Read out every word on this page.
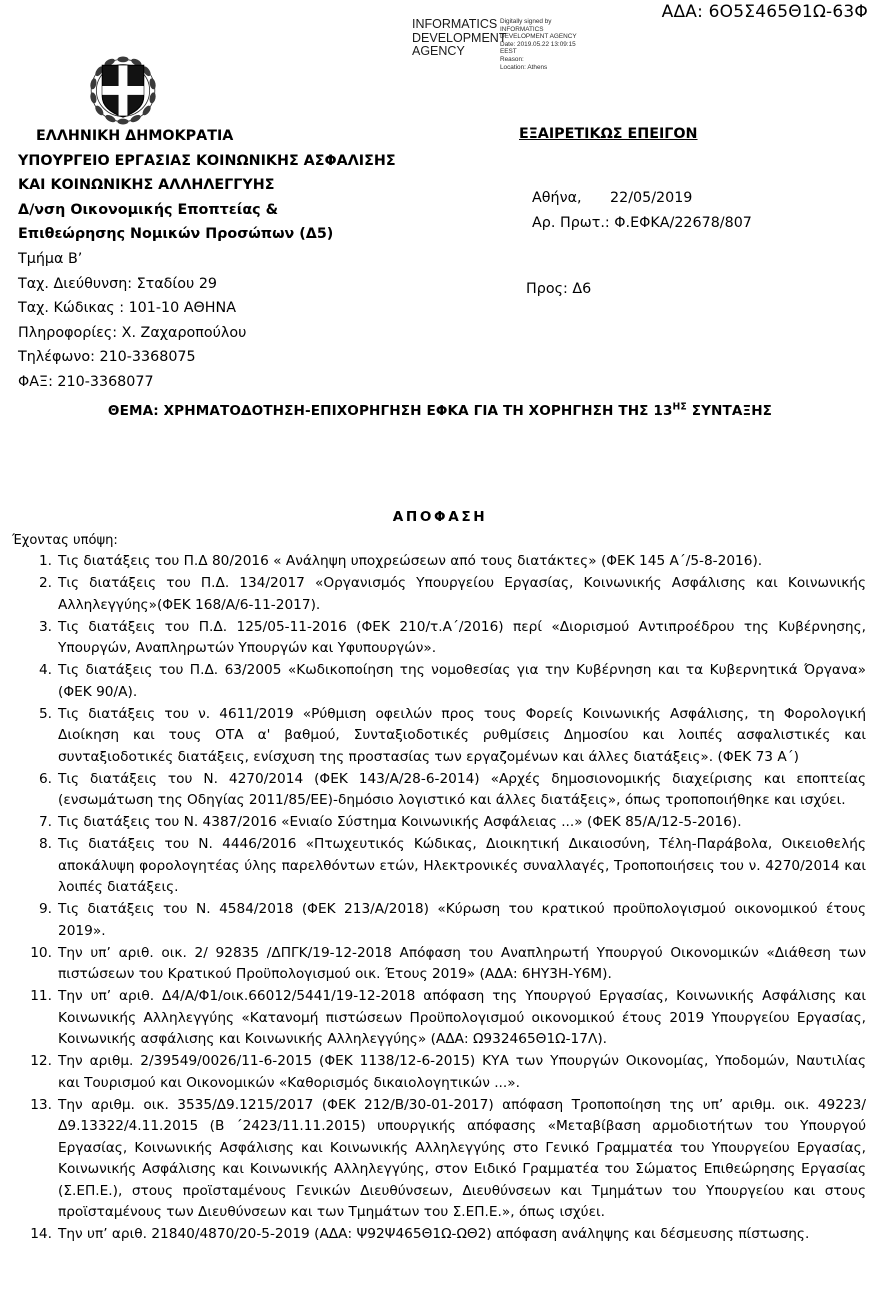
ΑΔΑ: 6Ο5Σ465Θ1Ω-63Φ
INFORMATICS DEVELOPMENT AGENCY
Digitally signed by
INFORMATICS
DEVELOPMENT AGENCY
Date: 2019.05.22 13:09:15
EEST
Reason:
Location: Athens
ΕΛΛΗΝΙΚΗ ΔΗΜΟΚΡΑΤΙΑ
ΥΠΟΥΡΓΕΙΟ ΕΡΓΑΣΙΑΣ ΚΟΙΝΩΝΙΚΗΣ ΑΣΦΑΛΙΣΗΣ
ΚΑΙ ΚΟΙΝΩΝΙΚΗΣ ΑΛΛΗΛΕΓΓΥΗΣ
Δ/νση Οικονομικής Εποπτείας &
Επιθεώρησης Νομικών Προσώπων (Δ5)
Τμήμα Β’
Ταχ. Διεύθυνση: Σταδίου 29
Ταχ. Κώδικας : 101-10 ΑΘΗΝΑ
Πληροφορίες: Χ. Ζαχαροπούλου
Τηλέφωνο: 210-3368075
ΦΑΞ: 210-3368077
ΕΞΑΙΡΕΤΙΚΩΣ ΕΠΕΙΓΟΝ
Αθήνα, 22/05/2019
Αρ. Πρωτ.: Φ.ΕΦΚΑ/22678/807
Προς: Δ6
ΘΕΜΑ: ΧΡΗΜΑΤΟΔΟΤΗΣΗ-ΕΠΙΧΟΡΗΓΗΣΗ ΕΦΚΑ ΓΙΑ ΤΗ ΧΟΡΗΓΗΣΗ ΤΗΣ $13^{H\Sigma}$ ΣΥΝΤΑΞΗΣ
ΑΠΟΦΑΣΗ
Έχοντας υπόψη:
1. Τις διατάξεις του Π.Δ 80/2016 « Ανάληψη υποχρεώσεων από τους διατάκτες» (ΦΕΚ 145 Α΄/5-8-2016).
2. Τις διατάξεις του Π.Δ. 134/2017 «Οργανισμός Υπουργείου Εργασίας, Κοινωνικής Ασφάλισης και Κοινωνικής Αλληλεγγύης»(ΦΕΚ 168/Α/6-11-2017).
3. Τις διατάξεις του Π.Δ. 125/05-11-2016 (ΦΕΚ 210/τ.Α΄/2016) περί «Διορισμού Αντιπροέδρου της Κυβέρνησης, Υπουργών, Αναπληρωτών Υπουργών και Υφυπουργών».
4. Τις διατάξεις του Π.Δ. 63/2005 «Κωδικοποίηση της νομοθεσίας για την Κυβέρνηση και τα Κυβερνητικά Όργανα» (ΦΕΚ 90/Α).
5. Τις διατάξεις του ν. 4611/2019 «Ρύθμιση οφειλών προς τους Φορείς Κοινωνικής Ασφάλισης, τη Φορολογική Διοίκηση και τους ΟΤΑ α' βαθμού, Συνταξιοδοτικές ρυθμίσεις Δημοσίου και λοιπές ασφαλιστικές και συνταξιοδοτικές διατάξεις, ενίσχυση της προστασίας των εργαζομένων και άλλες διατάξεις». (ΦΕΚ 73 Α΄)
6. Τις διατάξεις του Ν. 4270/2014 (ΦΕΚ 143/Α/28-6-2014) «Αρχές δημοσιονομικής διαχείρισης και εποπτείας (ενσωμάτωση της Οδηγίας 2011/85/ΕΕ)-δημόσιο λογιστικό και άλλες διατάξεις», όπως τροποποιήθηκε και ισχύει.
7. Τις διατάξεις του Ν. 4387/2016 «Ενιαίο Σύστημα Κοινωνικής Ασφάλειας ...» (ΦΕΚ 85/Α/12-5-2016).
8. Τις διατάξεις του Ν. 4446/2016 «Πτωχευτικός Κώδικας, Διοικητική Δικαιοσύνη, Τέλη-Παράβολα, Οικειοθελής αποκάλυψη φορολογητέας ύλης παρελθόντων ετών, Ηλεκτρονικές συναλλαγές, Τροποποιήσεις του ν. 4270/2014 και λοιπές διατάξεις.
9. Τις διατάξεις του Ν. 4584/2018 (ΦΕΚ 213/Α/2018) «Κύρωση του κρατικού προϋπολογισμού οικονομικού έτους 2019».
10. Την υπ’ αριθ. οικ. 2/ 92835 /ΔΠΓΚ/19-12-2018 Απόφαση του Αναπληρωτή Υπουργού Οικονομικών «Διάθεση των πιστώσεων του Κρατικού Προϋπολογισμού οικ. Έτους 2019» (ΑΔΑ: 6ΗΥ3Η-Υ6Μ).
11. Την υπ’ αριθ. Δ4/Α/Φ1/οικ.66012/5441/19-12-2018 απόφαση της Υπουργού Εργασίας, Κοινωνικής Ασφάλισης και Κοινωνικής Αλληλεγγύης «Κατανομή πιστώσεων Προϋπολογισμού οικονομικού έτους 2019 Υπουργείου Εργασίας, Κοινωνικής ασφάλισης και Κοινωνικής Αλληλεγγύης» (ΑΔΑ: Ω932465Θ1Ω-17Λ).
12. Την αριθμ. 2/39549/0026/11-6-2015 (ΦΕΚ 1138/12-6-2015) ΚΥΑ των Υπουργών Οικονομίας, Υποδομών, Ναυτιλίας και Τουρισμού και Οικονομικών «Καθορισμός δικαιολογητικών ...».
13. Την αριθμ. οικ. 3535/Δ9.1215/2017 (ΦΕΚ 212/Β/30-01-2017) απόφαση Τροποποίηση της υπ’ αριθμ. οικ. 49223/Δ9.13322/4.11.2015 (Β ΄2423/11.11.2015) υπουργικής απόφασης «Μεταβίβαση αρμοδιοτήτων του Υπουργού Εργασίας, Κοινωνικής Ασφάλισης και Κοινωνικής Αλληλεγγύης στο Γενικό Γραμματέα του Υπουργείου Εργασίας, Κοινωνικής Ασφάλισης και Κοινωνικής Αλληλεγγύης, στον Ειδικό Γραμματέα του Σώματος Επιθεώρησης Εργασίας (Σ.ΕΠ.Ε.), στους προϊσταμένους Γενικών Διευθύνσεων, Διευθύνσεων και Τμημάτων του Υπουργείου και στους προϊσταμένους των Διευθύνσεων και των Τμημάτων του Σ.ΕΠ.Ε.», όπως ισχύει.
14. Την υπ’ αριθ. 21840/4870/20-5-2019 (ΑΔΑ: Ψ92Ψ465Θ1Ω-ΩΘ2) απόφαση ανάληψης και δέσμευσης πίστωσης.
